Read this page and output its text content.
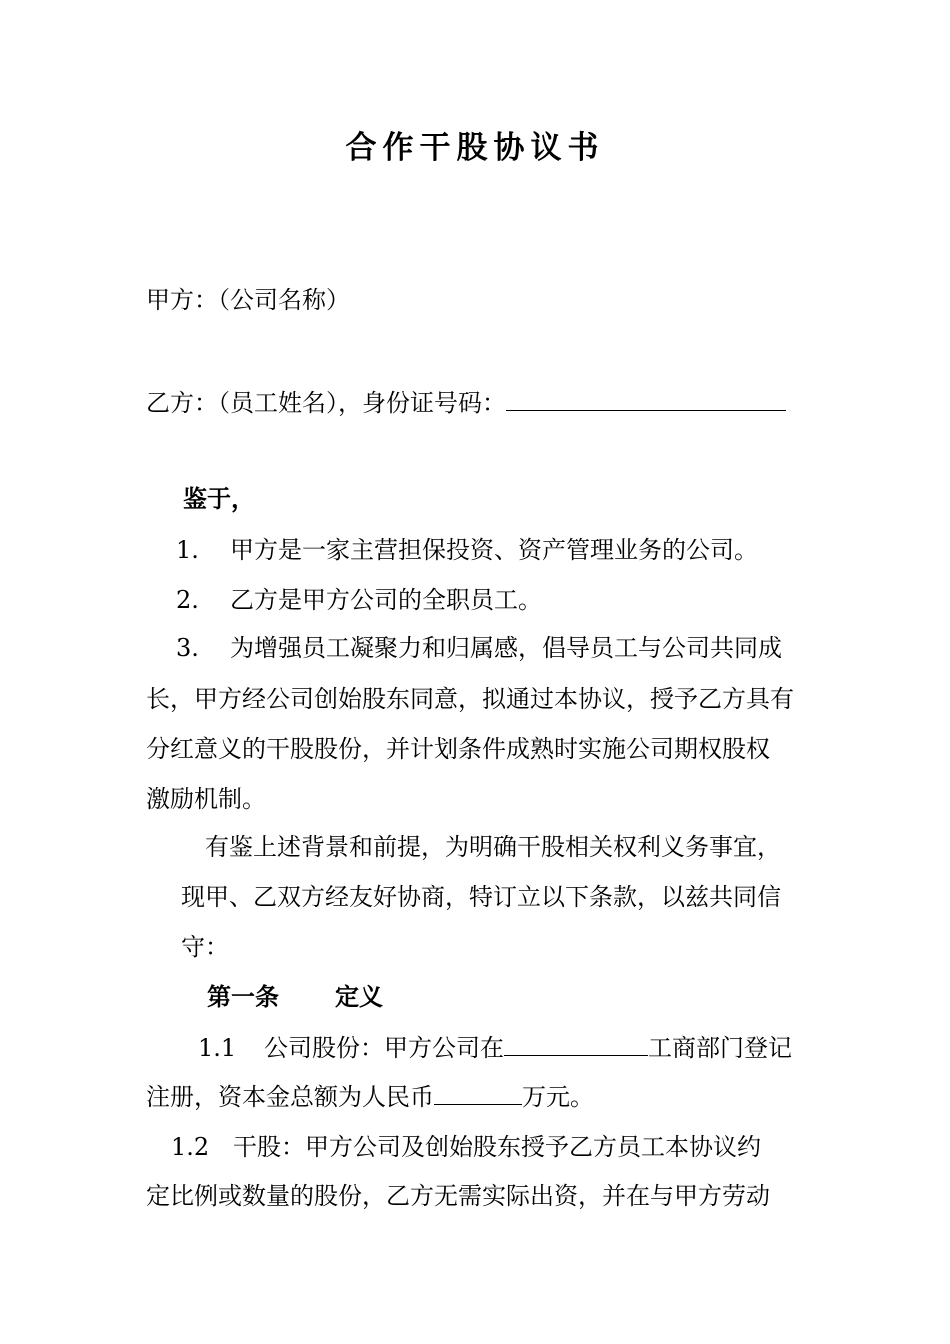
合作干股协议书
甲方：（公司名称）
乙方：（员工姓名），身份证号码：
鉴于，
1. 甲方是一家主营担保投资、资产管理业务的公司。
2. 乙方是甲方公司的全职员工。
3. 为增强员工凝聚力和归属感，倡导员工与公司共同成
长，甲方经公司创始股东同意，拟通过本协议，授予乙方具有
分红意义的干股股份，并计划条件成熟时实施公司期权股权
激励机制。
有鉴上述背景和前提，为明确干股相关权利义务事宜，
现甲、乙双方经友好协商，特订立以下条款，以兹共同信
守：
第一条 定义
1.1 公司股份：甲方公司在	工商部门登记
注册，资本金总额为人民币	万元。
1.2 干股：甲方公司及创始股东授予乙方员工本协议约
定比例或数量的股份，乙方无需实际出资，并在与甲方劳动
